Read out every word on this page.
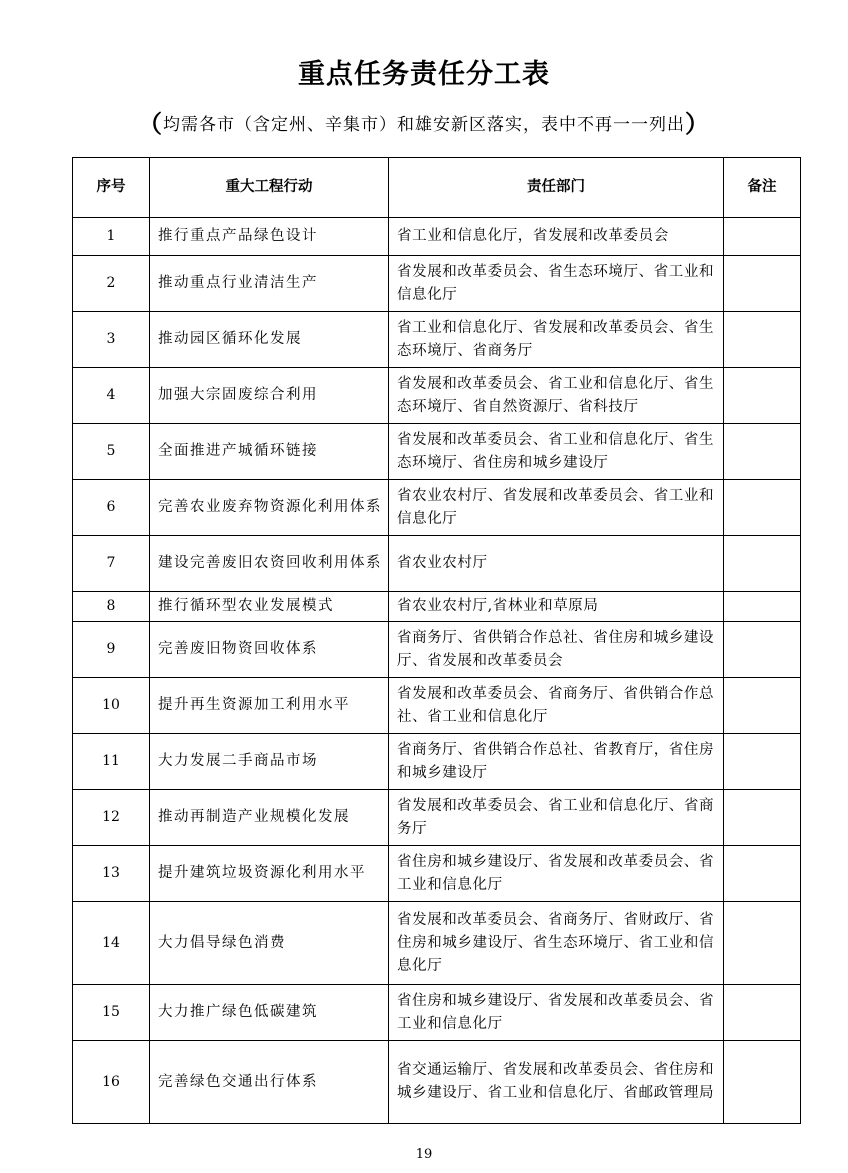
重点任务责任分工表
（均需各市（含定州、辛集市）和雄安新区落实，表中不再一一列出）
序号	重大工程行动	责任部门	备注
1	推行重点产品绿色设计	省工业和信息化厅，省发展和改革委员会	
2	推动重点行业清洁生产	省发展和改革委员会、省生态环境厅、省工业和信息化厅	
3	推动园区循环化发展	省工业和信息化厅、省发展和改革委员会、省生态环境厅、省商务厅	
4	加强大宗固废综合利用	省发展和改革委员会、省工业和信息化厅、省生态环境厅、省自然资源厅、省科技厅	
5	全面推进产城循环链接	省发展和改革委员会、省工业和信息化厅、省生态环境厅、省住房和城乡建设厅	
6	完善农业废弃物资源化利用体系	省农业农村厅、省发展和改革委员会、省工业和信息化厅	
7	建设完善废旧农资回收利用体系	省农业农村厅	
8	推行循环型农业发展模式	省农业农村厅,省林业和草原局	
9	完善废旧物资回收体系	省商务厅、省供销合作总社、省住房和城乡建设厅、省发展和改革委员会	
10	提升再生资源加工利用水平	省发展和改革委员会、省商务厅、省供销合作总社、省工业和信息化厅	
11	大力发展二手商品市场	省商务厅、省供销合作总社、省教育厅，省住房和城乡建设厅	
12	推动再制造产业规模化发展	省发展和改革委员会、省工业和信息化厅、省商务厅	
13	提升建筑垃圾资源化利用水平	省住房和城乡建设厅、省发展和改革委员会、省工业和信息化厅	
14	大力倡导绿色消费	省发展和改革委员会、省商务厅、省财政厅、省住房和城乡建设厅、省生态环境厅、省工业和信息化厅	
15	大力推广绿色低碳建筑	省住房和城乡建设厅、省发展和改革委员会、省工业和信息化厅	
16	完善绿色交通出行体系	省交通运输厅、省发展和改革委员会、省住房和城乡建设厅、省工业和信息化厅、省邮政管理局	
19
